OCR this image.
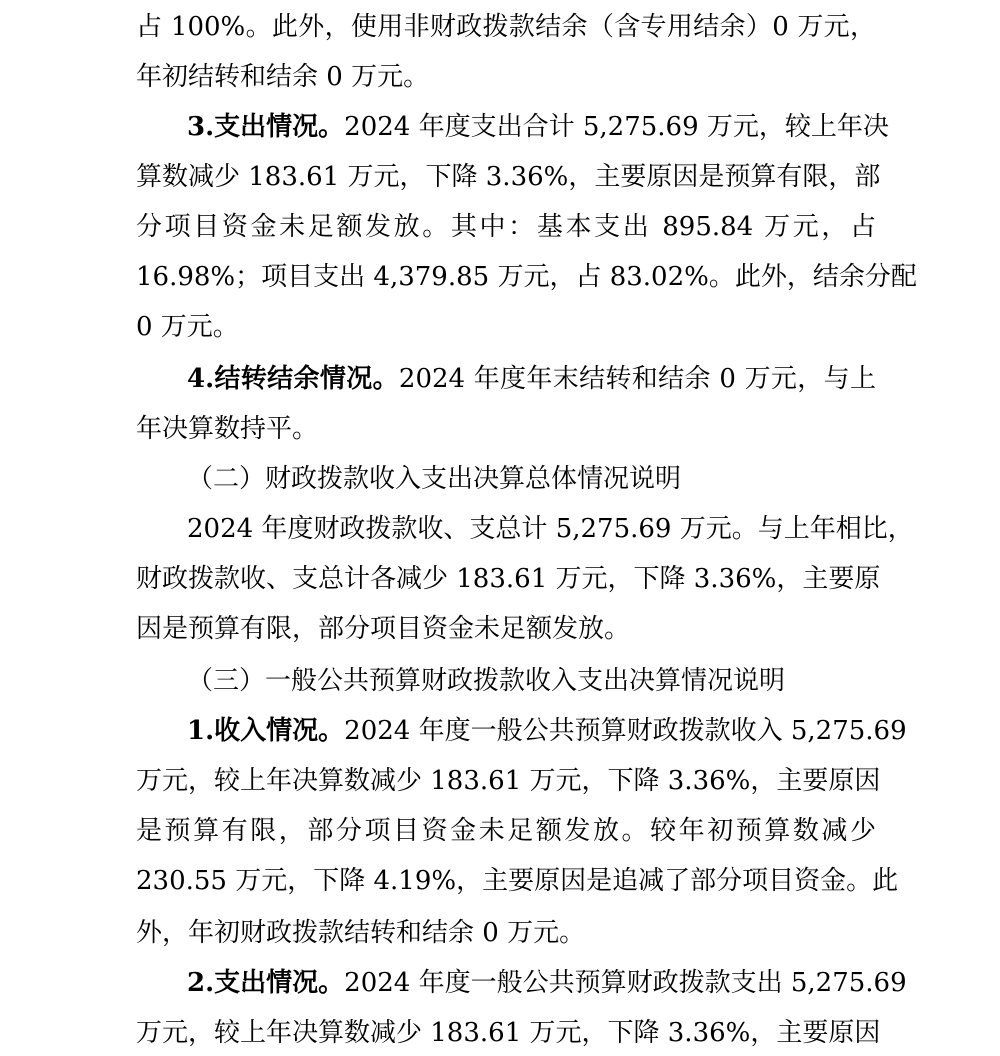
占 100%。此外，使用非财政拨款结余（含专用结余）0 万元，
年初结转和结余 0 万元。
3.支出情况。2024 年度支出合计 5,275.69 万元，较上年决
算数减少 183.61 万元，下降 3.36%，主要原因是预算有限，部
分项目资金未足额发放。其中：基本支出 895.84 万元，占
16.98%；项目支出 4,379.85 万元，占 83.02%。此外，结余分配
0 万元。
4.结转结余情况。2024 年度年末结转和结余 0 万元，与上
年决算数持平。
（二）财政拨款收入支出决算总体情况说明
2024 年度财政拨款收、支总计 5,275.69 万元。与上年相比，
财政拨款收、支总计各减少 183.61 万元，下降 3.36%，主要原
因是预算有限，部分项目资金未足额发放。
（三）一般公共预算财政拨款收入支出决算情况说明
1.收入情况。2024 年度一般公共预算财政拨款收入 5,275.69
万元，较上年决算数减少 183.61 万元，下降 3.36%，主要原因
是预算有限，部分项目资金未足额发放。较年初预算数减少
230.55 万元，下降 4.19%，主要原因是追减了部分项目资金。此
外，年初财政拨款结转和结余 0 万元。
2.支出情况。2024 年度一般公共预算财政拨款支出 5,275.69
万元，较上年决算数减少 183.61 万元，下降 3.36%，主要原因
